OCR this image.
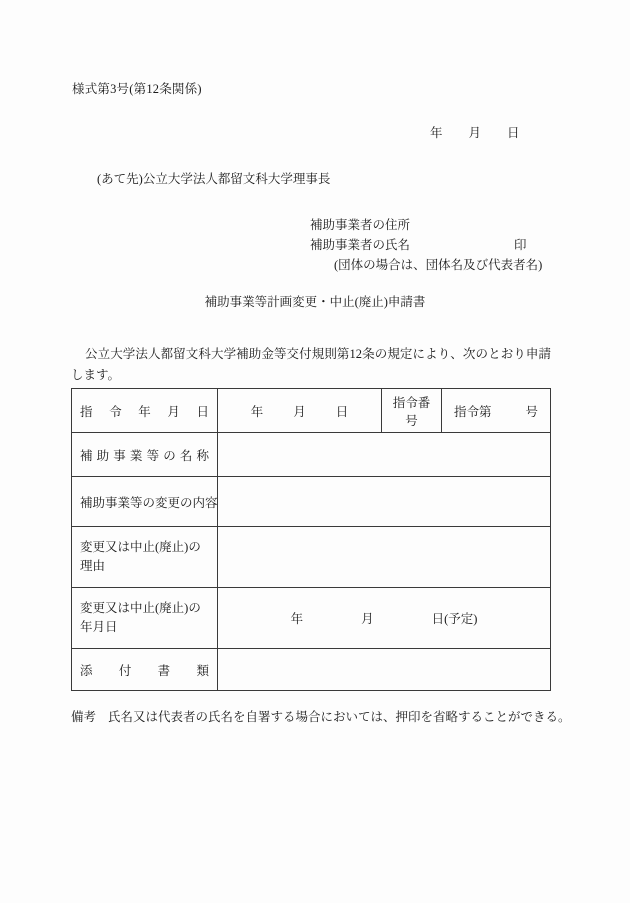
様式第3号(第12条関係)
年 月 日
(あて先)公立大学法人都留文科大学理事長
補助事業者の住所
補助事業者の氏名	印
(団体の場合は、団体名及び代表者名)
補助事業等計画変更・中止(廃止)申請書
公立大学法人都留文科大学補助金等交付規則第12条の規定により、次のとおり申請します。
指令年月日	年 月 日	指令番号	指令第 号

補助事業等の名称			

補助事業等の変更の内容			

変更又は中止(廃止)の
理由			

変更又は中止(廃止)の
年月日	年 月 日(予定)		

添付書類			

備考 氏名又は代表者の氏名を自署する場合においては、押印を省略することができる。
